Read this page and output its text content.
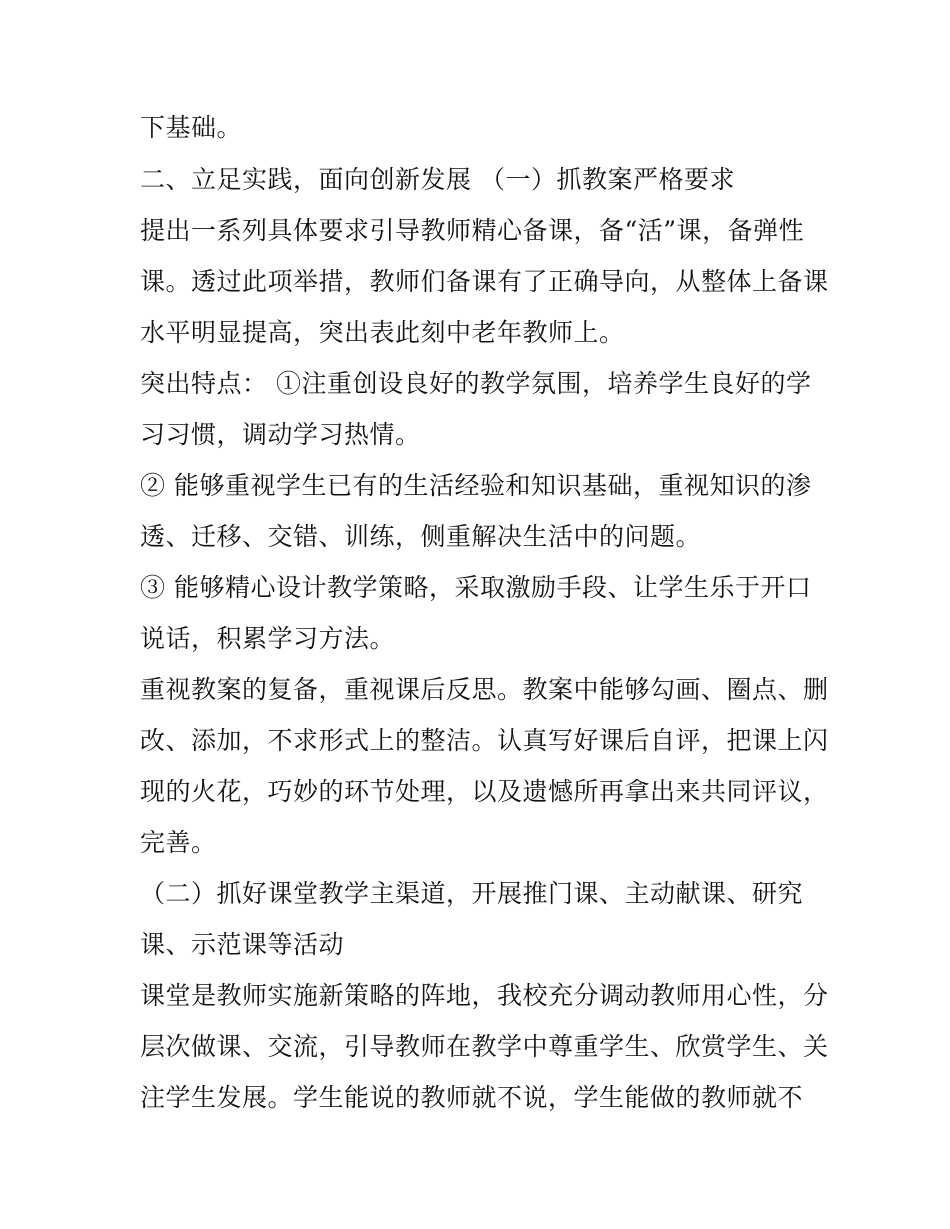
下基础。
二、立足实践，面向创新发展 （一）抓教案严格要求
提出一系列具体要求引导教师精心备课，备“活”课，备弹性
课。透过此项举措，教师们备课有了正确导向，从整体上备课
水平明显提高，突出表此刻中老年教师上。
突出特点： ①注重创设良好的教学氛围，培养学生良好的学
习习惯，调动学习热情。
② 能够重视学生已有的生活经验和知识基础，重视知识的渗
透、迁移、交错、训练，侧重解决生活中的问题。
③ 能够精心设计教学策略，采取激励手段、让学生乐于开口
说话，积累学习方法。
重视教案的复备，重视课后反思。教案中能够勾画、圈点、删
改、添加，不求形式上的整洁。认真写好课后自评，把课上闪
现的火花，巧妙的环节处理，以及遗憾所再拿出来共同评议，
完善。
（二）抓好课堂教学主渠道，开展推门课、主动献课、研究
课、示范课等活动
课堂是教师实施新策略的阵地，我校充分调动教师用心性，分
层次做课、交流，引导教师在教学中尊重学生、欣赏学生、关
注学生发展。学生能说的教师就不说，学生能做的教师就不
